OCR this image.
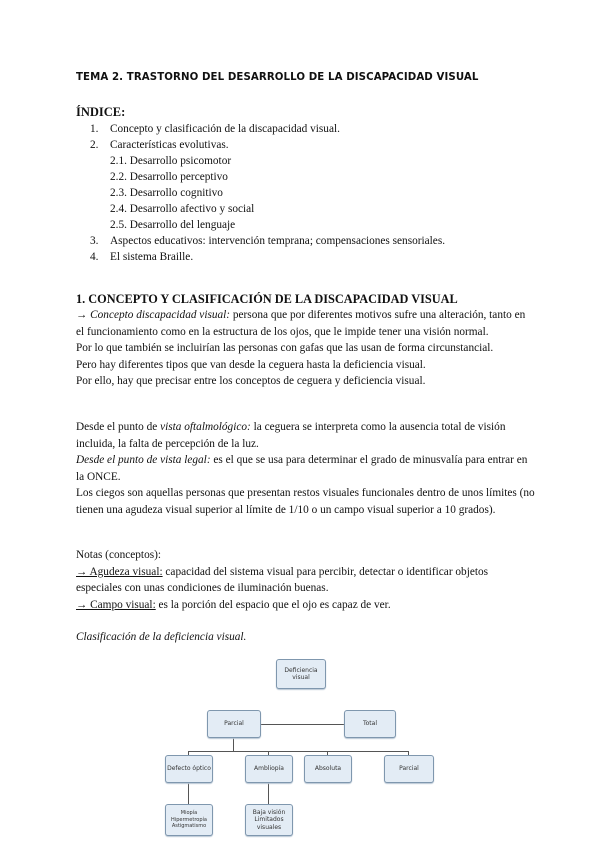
TEMA 2. TRASTORNO DEL DESARROLLO DE LA DISCAPACIDAD VISUAL
ÍNDICE:
1. Concepto y clasificación de la discapacidad visual.
2. Características evolutivas.
2.1. Desarrollo psicomotor
2.2. Desarrollo perceptivo
2.3. Desarrollo cognitivo
2.4. Desarrollo afectivo y social
2.5. Desarrollo del lenguaje
3. Aspectos educativos: intervención temprana; compensaciones sensoriales.
4. El sistema Braille.
1. CONCEPTO Y CLASIFICACIÓN DE LA DISCAPACIDAD VISUAL

→ Concepto discapacidad visual: persona que por diferentes motivos sufre una alteración, tanto en el funcionamiento como en la estructura de los ojos, que le impide tener una visión normal.

Por lo que también se incluirían las personas con gafas que las usan de forma circunstancial.

Pero hay diferentes tipos que van desde la ceguera hasta la deficiencia visual.

Por ello, hay que precisar entre los conceptos de ceguera y deficiencia visual.

Desde el punto de vista oftalmológico: la ceguera se interpreta como la ausencia total de visión incluida, la falta de percepción de la luz.

Desde el punto de vista legal: es el que se usa para determinar el grado de minusvalía para entrar en la ONCE.

Los ciegos son aquellas personas que presentan restos visuales funcionales dentro de unos límites (no tienen una agudeza visual superior al límite de 1/10 o un campo visual superior a 10 grados).

Notas (conceptos):

→ Agudeza visual: capacidad del sistema visual para percibir, detectar o identificar objetos especiales con unas condiciones de iluminación buenas.

→ Campo visual: es la porción del espacio que el ojo es capaz de ver.

Clasificación de la deficiencia visual.
Deficiencia visual
Parcial	Total
Defecto óptico	Ambliopía	Absoluta	Parcial
Miopía Hipermetropía Astigmatismo
Baja visión Limitados visuales
